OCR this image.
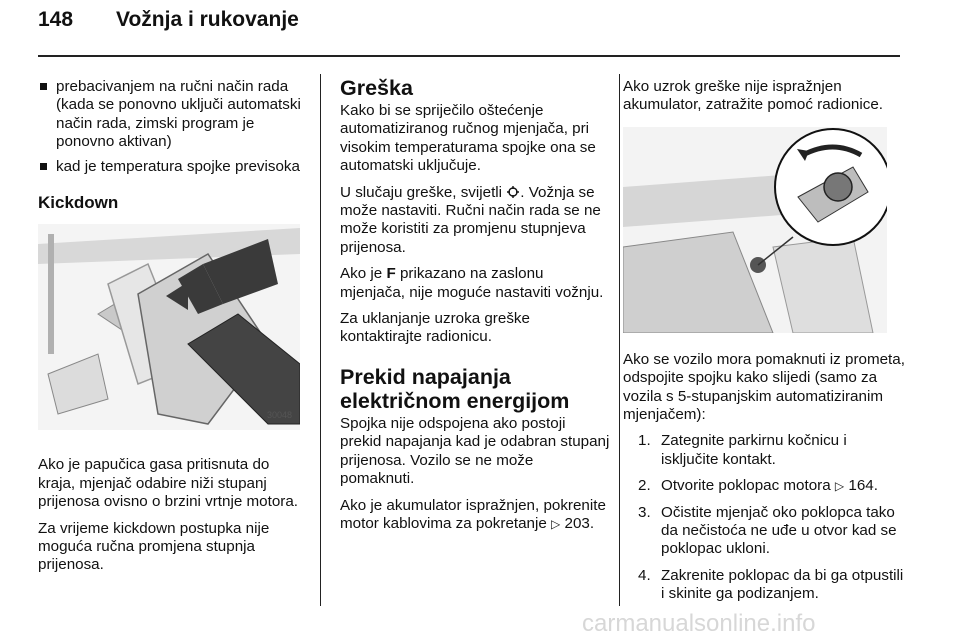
148 Vožnja i rukovanje
prebacivanjem na ručni način rada (kada se ponovno uključi automatski način rada, zimski program je ponovno aktivan)
kad je temperatura spojke previsoka
Kickdown
30048

Ako je papučica gasa pritisnuta do kraja, mjenjač odabire niži stupanj prijenosa ovisno o brzini vrtnje motora.

Za vrijeme kickdown postupka nije moguća ručna promjena stupnja prijenosa.

Greška

Kako bi se spriječilo oštećenje automatiziranog ručnog mjenjača, pri visokim temperaturama spojke ona se automatski uključuje.

U slučaju greške, svijetli . Vožnja se može nastaviti. Ručni način rada se ne može koristiti za promjenu stupnjeva prijenosa.

Ako je F prikazano na zaslonu mjenjača, nije moguće nastaviti vožnju.

Za uklanjanje uzroka greške kontaktirajte radionicu.

Prekid napajanja
električnom energijom

Spojka nije odspojena ako postoji prekid napajanja kad je odabran stupanj prijenosa. Vozilo se ne može pomaknuti.

Ako je akumulator ispražnjen, pokrenite motor kablovima za pokretanje ▷ 203.

Ako uzrok greške nije ispražnjen akumulator, zatražite pomoć radionice.

Ako se vozilo mora pomaknuti iz prometa, odspojite spojku kako slijedi (samo za vozila s 5-stupanjskim automatiziranim mjenjačem):

1. Zategnite parkirnu kočnicu i isključite kontakt.
2. Otvorite poklopac motora ▷ 164.
3. Očistite mjenjač oko poklopca tako da nečistoća ne uđe u otvor kad se poklopac ukloni.
4. Zakrenite poklopac da bi ga otpustili i skinite ga podizanjem.
carmanualsonline.info
